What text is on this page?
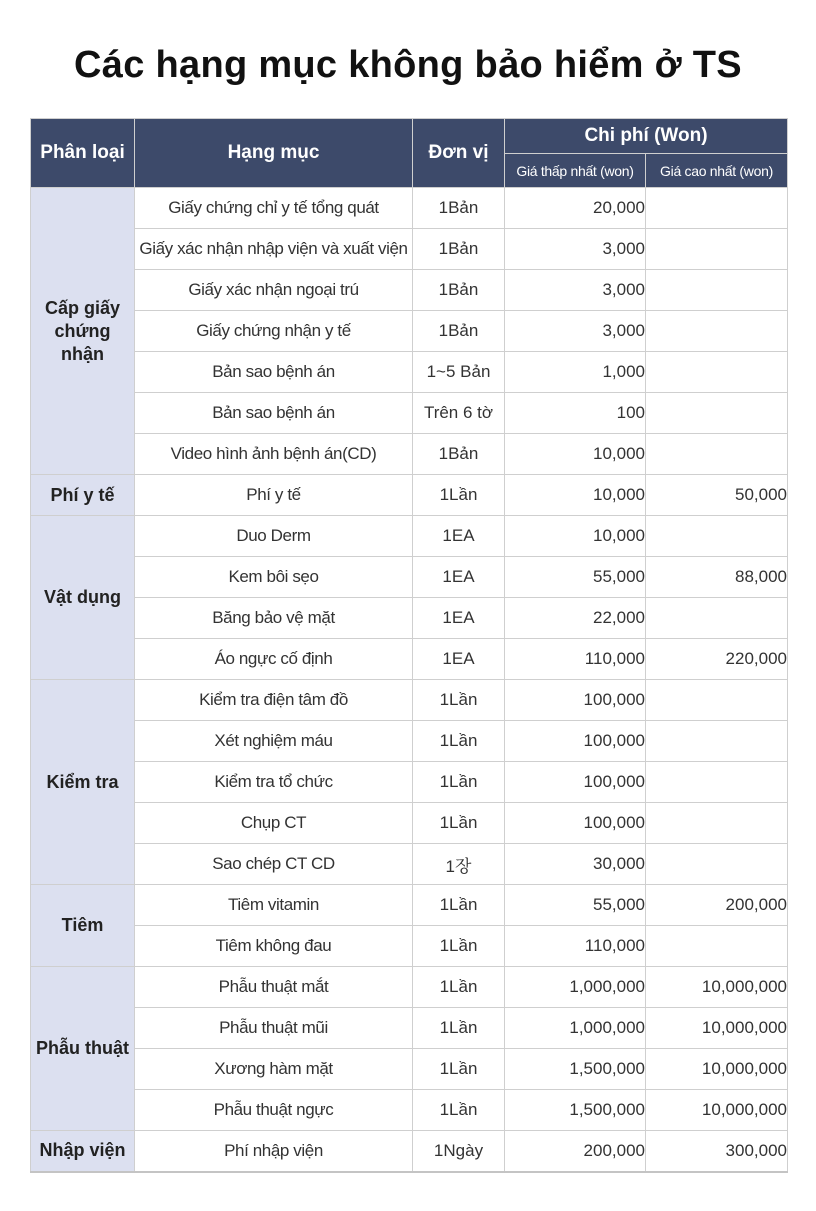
Các hạng mục không bảo hiểm ở TS
Phân loại	Hạng mục	Đơn vị	Chi phí (Won)	
			Giá thấp nhất (won)	Giá cao nhất (won)
Cấp giấy chứng nhận	Giấy chứng chỉ y tế tổng quát	1Bản	20,000	
	Giấy xác nhận nhập viện và xuất viện	1Bản	3,000	
	Giấy xác nhận ngoại trú	1Bản	3,000	
	Giấy chứng nhận y tế	1Bản	3,000	
	Bản sao bệnh án	1~5 Bản	1,000	
	Bản sao bệnh án	Trên 6 tờ	100	
	Video hình ảnh bệnh án(CD)	1Bản	10,000	
Phí y tế	Phí y tế	1Lần	10,000	50,000
Vật dụng	Duo Derm	1EA	10,000	
	Kem bôi sẹo	1EA	55,000	88,000
	Băng bảo vệ mặt	1EA	22,000	
	Áo ngực cố định	1EA	110,000	220,000
Kiểm tra	Kiểm tra điện tâm đồ	1Lần	100,000	
	Xét nghiệm máu	1Lần	100,000	
	Kiểm tra tổ chức	1Lần	100,000	
	Chụp CT	1Lần	100,000	
	Sao chép CT CD	1장	30,000	
Tiêm	Tiêm vitamin	1Lần	55,000	200,000
	Tiêm không đau	1Lần	110,000	
Phẫu thuật	Phẫu thuật mắt	1Lần	1,000,000	10,000,000
	Phẫu thuật mũi	1Lần	1,000,000	10,000,000
	Xương hàm mặt	1Lần	1,500,000	10,000,000
	Phẫu thuật ngực	1Lần	1,500,000	10,000,000
Nhập viện	Phí nhập viện	1Ngày	200,000	300,000
